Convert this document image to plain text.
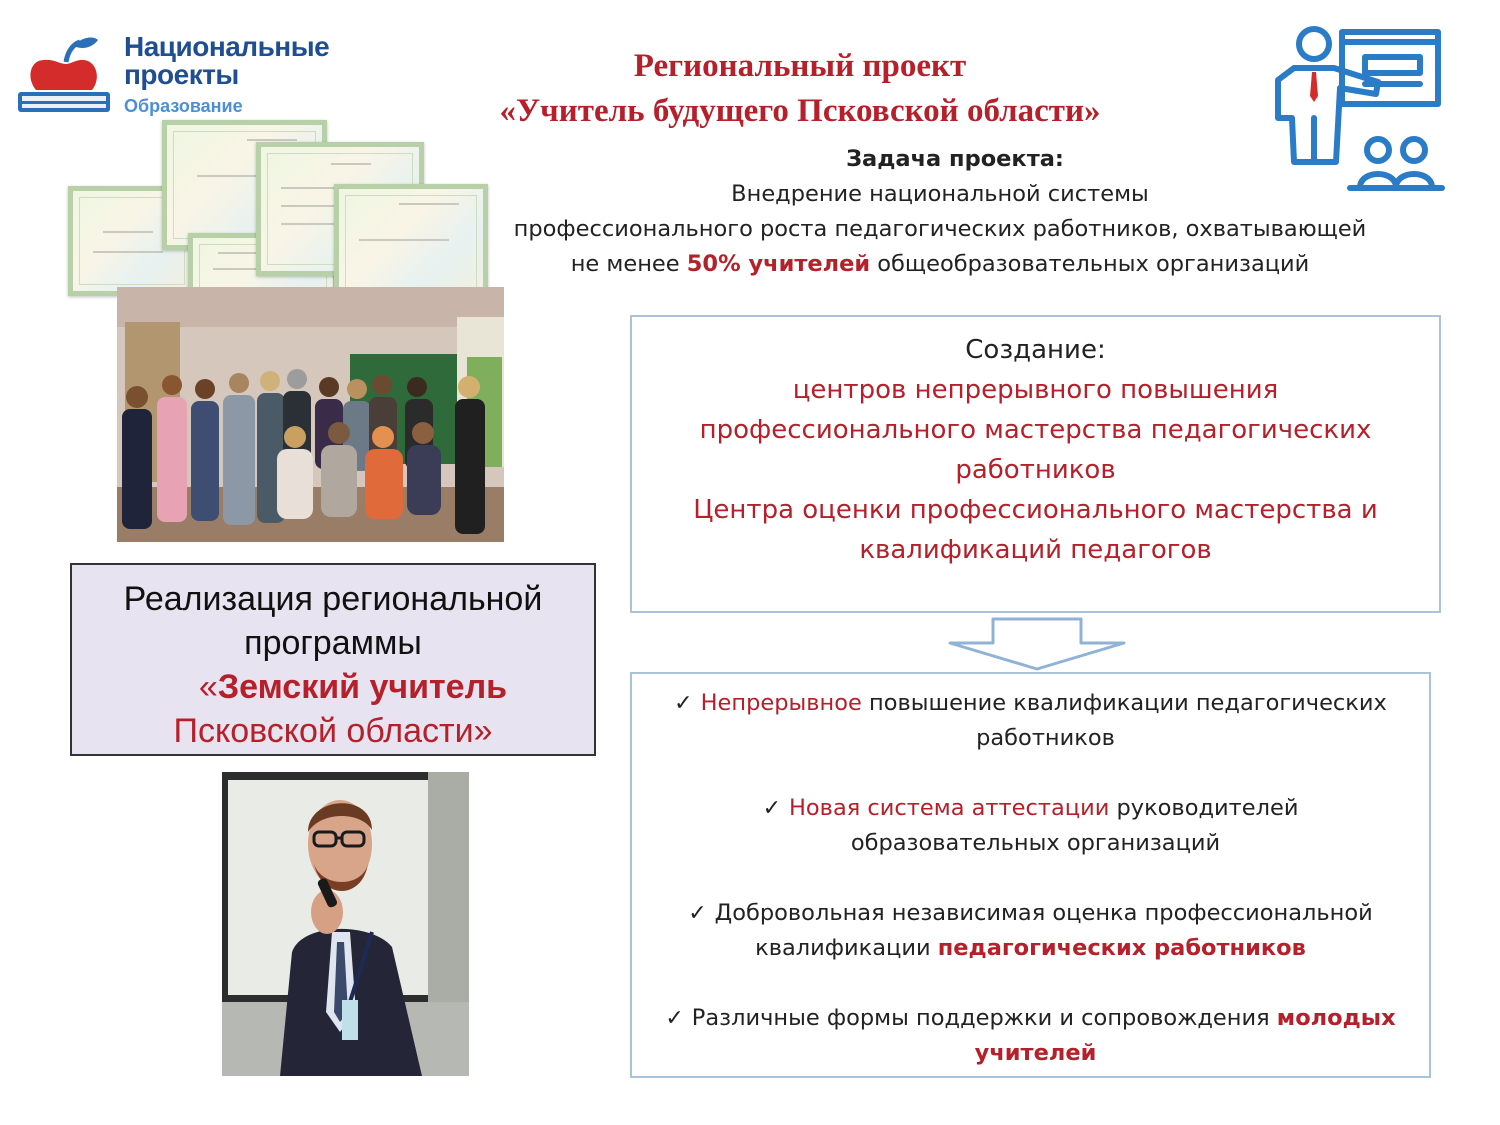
Национальные
проекты
Образование
Региональный проект
«Учитель будущего Псковской области»
Задача проекта:
Внедрение национальной системы
профессионального роста педагогических работников, охватывающей
не менее 50% учителей общеобразовательных организаций
Реализация региональной
программы
«Земский учитель
Псковской области»
Создание:
центров непрерывного повышения
профессионального мастерства педагогических
работников
Центра оценки профессионального мастерства и
квалификаций педагогов
✓ Непрерывное повышение квалификации педагогических
работников
✓ Новая система аттестации руководителей
образовательных организаций
✓ Добровольная независимая оценка профессиональной
квалификации педагогических работников
✓ Различные формы поддержки и сопровождения молодых
учителей
